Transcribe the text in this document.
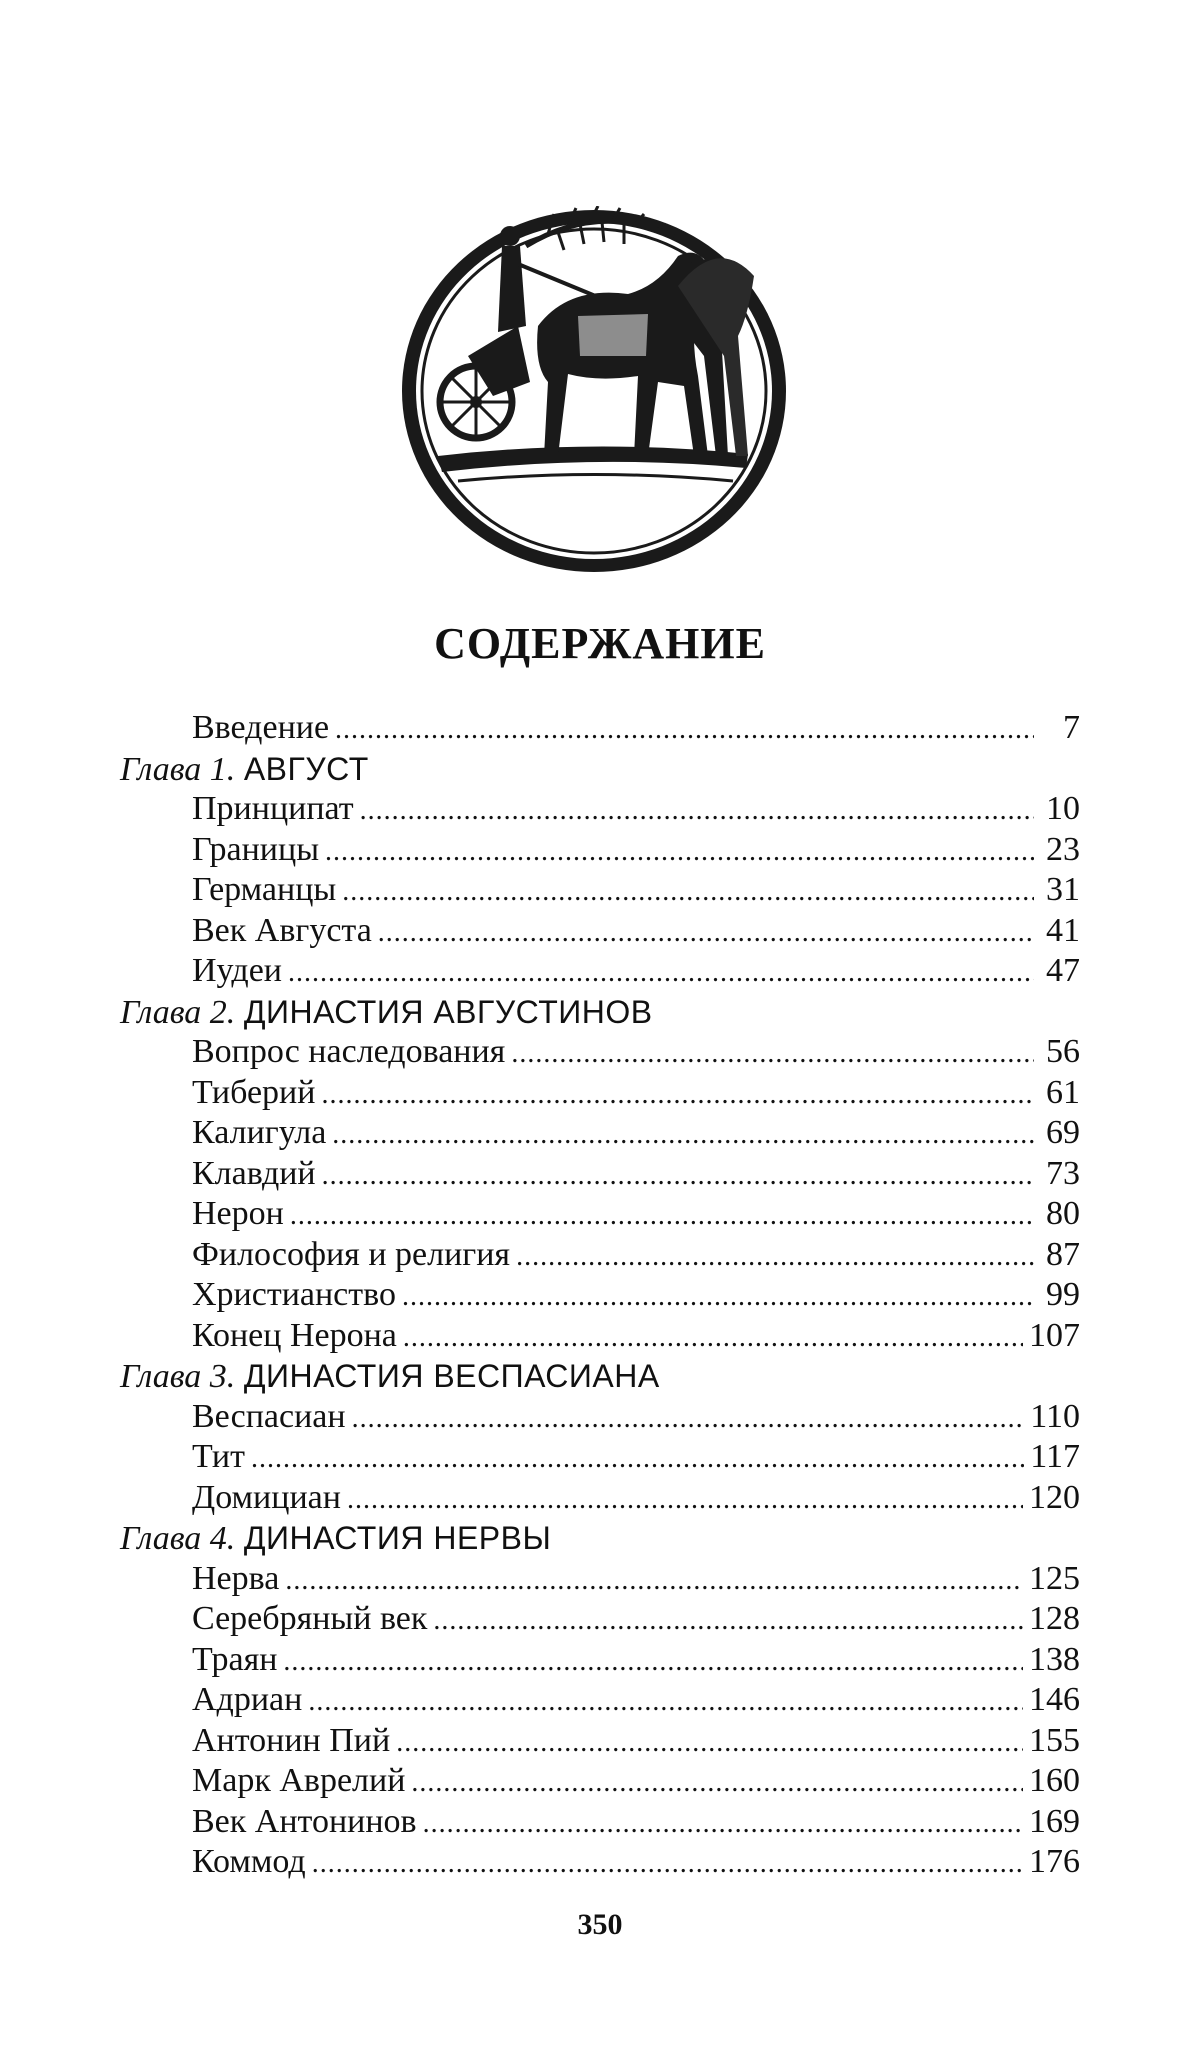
СОДЕРЖАНИЕ
Введение .....	7
Глава 1. АВГУСТ
Принципат .....	10
Границы .....	23
Германцы .....	31
Век Августа .....	41
Иудеи .....	47
Глава 2. ДИНАСТИЯ АВГУСТИНОВ
Вопрос наследования .....	56
Тиберий .....	61
Калигула .....	69
Клавдий .....	73
Нерон .....	80
Философия и религия .....	87
Христианство .....	99
Конец Нерона .....	107
Глава 3. ДИНАСТИЯ ВЕСПАСИАНА
Веспасиан .....	110
Тит .....	117
Домициан .....	120
Глава 4. ДИНАСТИЯ НЕРВЫ
Нерва .....	125
Серебряный век .....	128
Траян .....	138
Адриан .....	146
Антонин Пий .....	155
Марк Аврелий .....	160
Век Антонинов .....	169
Коммод .....	176
350
